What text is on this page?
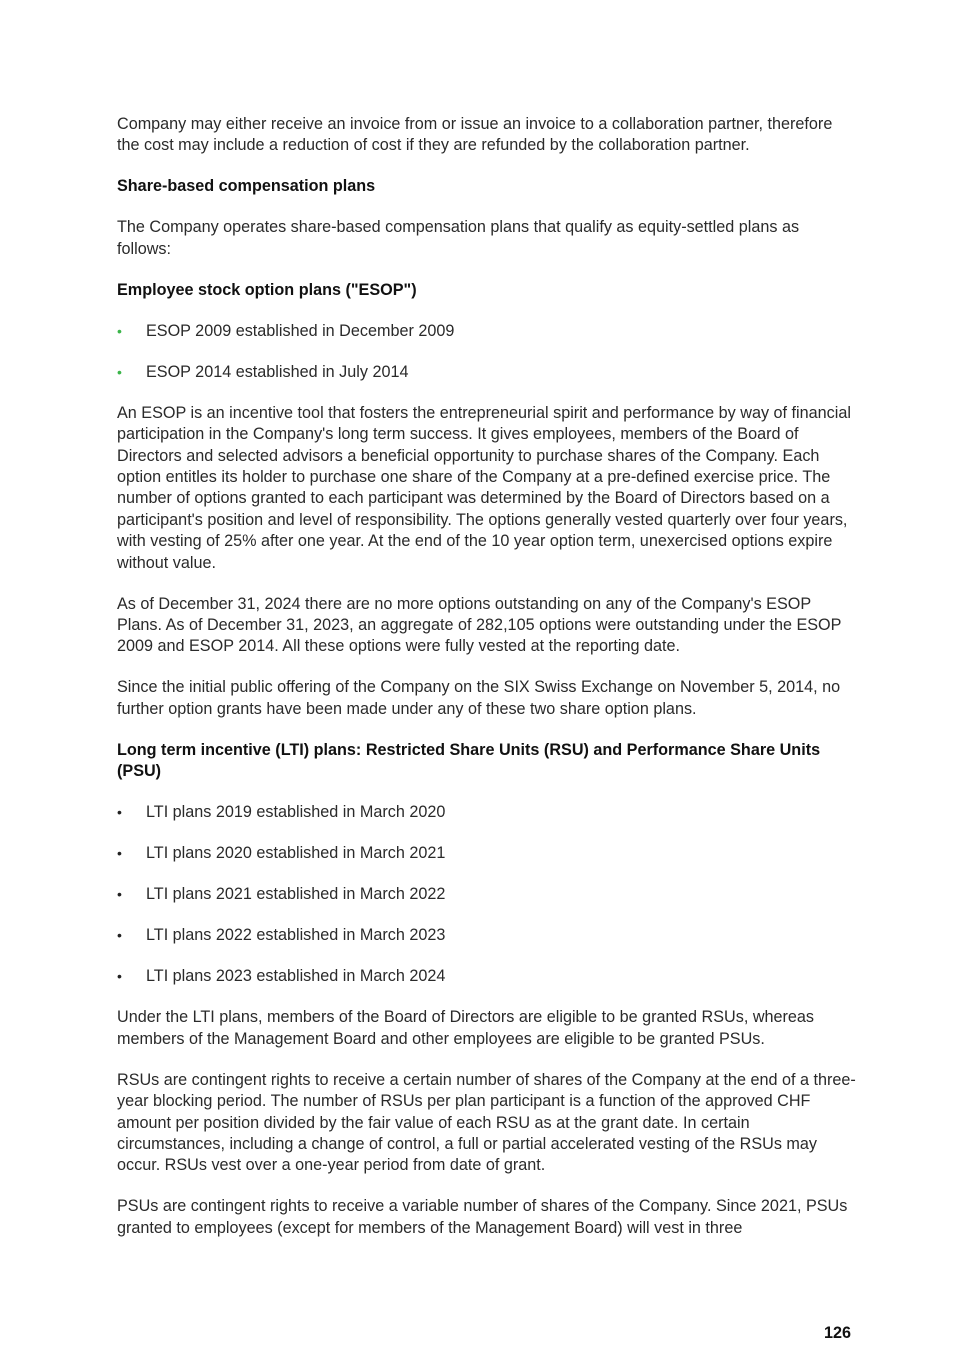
Company may either receive an invoice from or issue an invoice to a collaboration partner, therefore the cost may include a reduction of cost if they are refunded by the collaboration partner.

Share-based compensation plans

The Company operates share-based compensation plans that qualify as equity-settled plans as follows:

Employee stock option plans ("ESOP")
•	ESOP 2009 established in December 2009
•	ESOP 2014 established in July 2014

An ESOP is an incentive tool that fosters the entrepreneurial spirit and performance by way of financial participation in the Company's long term success. It gives employees, members of the Board of Directors and selected advisors a beneficial opportunity to purchase shares of the Company. Each option entitles its holder to purchase one share of the Company at a pre-defined exercise price. The number of options granted to each participant was determined by the Board of Directors based on a participant's position and level of responsibility. The options generally vested quarterly over four years, with vesting of 25% after one year. At the end of the 10 year option term, unexercised options expire without value.

As of December 31, 2024 there are no more options outstanding on any of the Company's ESOP Plans. As of December 31, 2023, an aggregate of 282,105 options were outstanding under the ESOP 2009 and ESOP 2014. All these options were fully vested at the reporting date.

Since the initial public offering of the Company on the SIX Swiss Exchange on November 5, 2014, no further option grants have been made under any of these two share option plans.

Long term incentive (LTI) plans: Restricted Share Units (RSU) and Performance Share Units (PSU)
•	LTI plans 2019 established in March 2020
•	LTI plans 2020 established in March 2021
•	LTI plans 2021 established in March 2022
•	LTI plans 2022 established in March 2023
•	LTI plans 2023 established in March 2024

Under the LTI plans, members of the Board of Directors are eligible to be granted RSUs, whereas members of the Management Board and other employees are eligible to be granted PSUs.

RSUs are contingent rights to receive a certain number of shares of the Company at the end of a three-year blocking period. The number of RSUs per plan participant is a function of the approved CHF amount per position divided by the fair value of each RSU as at the grant date. In certain circumstances, including a change of control, a full or partial accelerated vesting of the RSUs may occur. RSUs vest over a one-year period from date of grant.

PSUs are contingent rights to receive a variable number of shares of the Company. Since 2021, PSUs granted to employees (except for members of the Management Board) will vest in three

126
